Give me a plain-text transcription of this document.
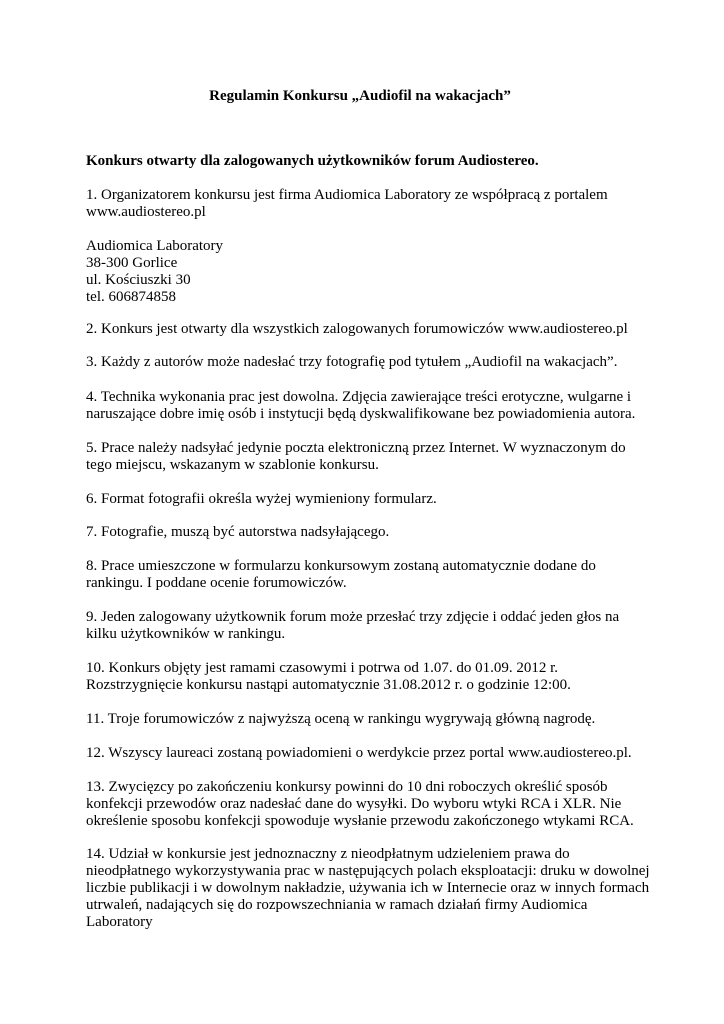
Regulamin Konkursu „Audiofil na wakacjach”
Konkurs otwarty dla zalogowanych użytkowników forum Audiostereo.
1. Organizatorem konkursu jest firma Audiomica Laboratory ze współpracą z portalem
www.audiostereo.pl
Audiomica Laboratory
38-300 Gorlice
ul. Kościuszki 30
tel. 606874858
2. Konkurs jest otwarty dla wszystkich zalogowanych forumowiczów www.audiostereo.pl
3. Każdy z autorów może nadesłać trzy fotografię pod tytułem „Audiofil na wakacjach”.
4. Technika wykonania prac jest dowolna. Zdjęcia zawierające treści erotyczne, wulgarne i
naruszające dobre imię osób i instytucji będą dyskwalifikowane bez powiadomienia autora.
5. Prace należy nadsyłać jedynie poczta elektroniczną przez Internet. W wyznaczonym do
tego miejscu, wskazanym w szablonie konkursu.
6. Format fotografii określa wyżej wymieniony formularz.
7. Fotografie, muszą być autorstwa nadsyłającego.
8. Prace umieszczone w formularzu konkursowym zostaną automatycznie dodane do
rankingu. I poddane ocenie forumowiczów.
9. Jeden zalogowany użytkownik forum może przesłać trzy zdjęcie i oddać jeden głos na
kilku użytkowników w rankingu.
10. Konkurs objęty jest ramami czasowymi i potrwa od 1.07. do 01.09. 2012 r.
Rozstrzygnięcie konkursu nastąpi automatycznie 31.08.2012 r. o godzinie 12:00.
11. Troje forumowiczów z najwyższą oceną w rankingu wygrywają główną nagrodę.
12. Wszyscy laureaci zostaną powiadomieni o werdykcie przez portal www.audiostereo.pl.
13. Zwycięzcy po zakończeniu konkursy powinni do 10 dni roboczych określić sposób
konfekcji przewodów oraz nadesłać dane do wysyłki. Do wyboru wtyki RCA i XLR. Nie
określenie sposobu konfekcji spowoduje wysłanie przewodu zakończonego wtykami RCA.
14. Udział w konkursie jest jednoznaczny z nieodpłatnym udzieleniem prawa do
nieodpłatnego wykorzystywania prac w następujących polach eksploatacji: druku w dowolnej
liczbie publikacji i w dowolnym nakładzie, używania ich w Internecie oraz w innych formach
utrwaleń, nadających się do rozpowszechniania w ramach działań firmy Audiomica
Laboratory
